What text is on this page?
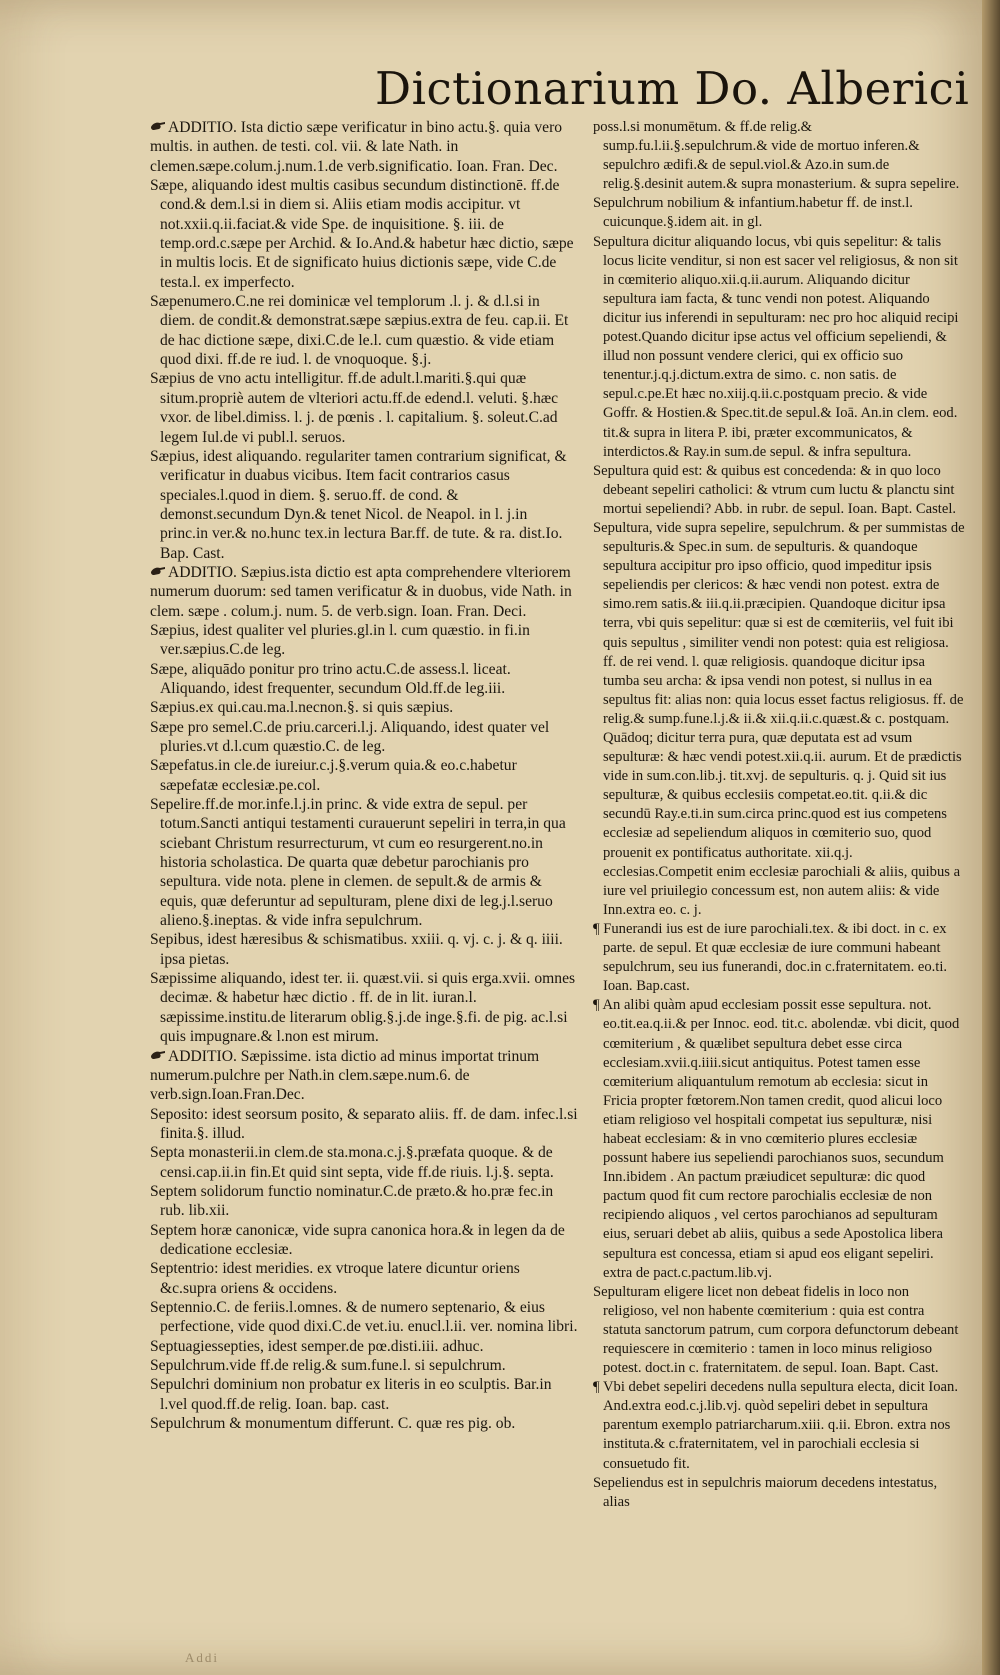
Dictionarium Do. Alberici

ADDITIO. Ista dictio sæpe verificatur in bino actu.§. quia vero multis. in authen. de testi. col. vii. & late Nath. in clemen.sæpe.colum.j.num.1.de verb.significatio. Ioan. Fran. Dec.

Sæpe, aliquando idest multis casibus secundum distinctionē. ff.de cond.& dem.l.si in diem si. Aliis etiam modis accipitur. vt not.xxii.q.ii.faciat.& vide Spe. de inquisitione. §. iii. de temp.ord.c.sæpe per Archid. & Io.And.& habetur hæc dictio, sæpe in multis locis. Et de significato huius dictionis sæpe, vide C.de testa.l. ex imperfecto.

Sæpenumero.C.ne rei dominicæ vel templorum .l. j. & d.l.si in diem. de condit.& demonstrat.sæpe sæpius.extra de feu. cap.ii. Et de hac dictione sæpe, dixi.C.de le.l. cum quæstio. & vide etiam quod dixi. ff.de re iud. l. de vnoquoque. §.j.

Sæpius de vno actu intelligitur. ff.de adult.l.mariti.§.qui quæ situm.propriè autem de vlteriori actu.ff.de edend.l. veluti. §.hæc vxor. de libel.dimiss. l. j. de pœnis . l. capitalium. §. soleut.C.ad legem Iul.de vi publ.l. seruos.

Sæpius, idest aliquando. regulariter tamen contrarium significat, & verificatur in duabus vicibus. Item facit contrarios casus speciales.l.quod in diem. §. seruo.ff. de cond. & demonst.secundum Dyn.& tenet Nicol. de Neapol. in l. j.in princ.in ver.& no.hunc tex.in lectura Bar.ff. de tute. & ra. dist.Io. Bap. Cast.

ADDITIO. Sæpius.ista dictio est apta comprehendere vlteriorem numerum duorum: sed tamen verificatur & in duobus, vide Nath. in clem. sæpe . colum.j. num. 5. de verb.sign. Ioan. Fran. Deci.

Sæpius, idest qualiter vel pluries.gl.in l. cum quæstio. in fi.in ver.sæpius.C.de leg.

Sæpe, aliquādo ponitur pro trino actu.C.de assess.l. liceat. Aliquando, idest frequenter, secundum Old.ff.de leg.iii.

Sæpius.ex qui.cau.ma.l.necnon.§. si quis sæpius.

Sæpe pro semel.C.de priu.carceri.l.j. Aliquando, idest quater vel pluries.vt d.l.cum quæstio.C. de leg.

Sæpefatus.in cle.de iureiur.c.j.§.verum quia.& eo.c.habetur sæpefatæ ecclesiæ.pe.col.

Sepelire.ff.de mor.infe.l.j.in princ. & vide extra de sepul. per totum.Sancti antiqui testamenti curauerunt sepeliri in terra,in qua sciebant Christum resurrecturum, vt cum eo resurgerent.no.in historia scholastica. De quarta quæ debetur parochianis pro sepultura. vide nota. plene in clemen. de sepult.& de armis & equis, quæ deferuntur ad sepulturam, plene dixi de leg.j.l.seruo alieno.§.ineptas. & vide infra sepulchrum.

Sepibus, idest hæresibus & schismatibus. xxiii. q. vj. c. j. & q. iiii. ipsa pietas.

Sæpissime aliquando, idest ter. ii. quæst.vii. si quis erga.xvii. omnes decimæ. & habetur hæc dictio . ff. de in lit. iuran.l. sæpissime.institu.de literarum oblig.§.j.de inge.§.fi. de pig. ac.l.si quis impugnare.& l.non est mirum.

ADDITIO. Sæpissime. ista dictio ad minus importat trinum numerum.pulchre per Nath.in clem.sæpe.num.6. de verb.sign.Ioan.Fran.Dec.

Seposito: idest seorsum posito, & separato aliis. ff. de dam. infec.l.si finita.§. illud.

Septa monasterii.in clem.de sta.mona.c.j.§.præfata quoque. & de censi.cap.ii.in fin.Et quid sint septa, vide ff.de riuis. l.j.§. septa.

Septem solidorum functio nominatur.C.de præto.& ho.præ fec.in rub. lib.xii.

Septem horæ canonicæ, vide supra canonica hora.& in legen da de dedicatione ecclesiæ.

Septentrio: idest meridies. ex vtroque latere dicuntur oriens &c.supra oriens & occidens.

Septennio.C. de feriis.l.omnes. & de numero septenario, & eius perfectione, vide quod dixi.C.de vet.iu. enucl.l.ii. ver. nomina libri.

Septuagiessepties, idest semper.de pœ.disti.iii. adhuc.

Sepulchrum.vide ff.de relig.& sum.fune.l. si sepulchrum.

Sepulchri dominium non probatur ex literis in eo sculptis. Bar.in l.vel quod.ff.de relig. Ioan. bap. cast.

Sepulchrum & monumentum differunt. C. quæ res pig. ob.

poss.l.si monumētum. & ff.de relig.& sump.fu.l.ii.§.sepulchrum.& vide de mortuo inferen.& sepulchro ædifi.& de sepul.viol.& Azo.in sum.de relig.§.desinit autem.& supra monasterium. & supra sepelire.

Sepulchrum nobilium & infantium.habetur ff. de inst.l. cuicunque.§.idem ait. in gl.

Sepultura dicitur aliquando locus, vbi quis sepelitur: & talis locus licite venditur, si non est sacer vel religiosus, & non sit in cœmiterio aliquo.xii.q.ii.aurum. Aliquando dicitur sepultura iam facta, & tunc vendi non potest. Aliquando dicitur ius inferendi in sepulturam: nec pro hoc aliquid recipi potest.Quando dicitur ipse actus vel officium sepeliendi, & illud non possunt vendere clerici, qui ex officio suo tenentur.j.q.j.dictum.extra de simo. c. non satis. de sepul.c.pe.Et hæc no.xiij.q.ii.c.postquam precio. & vide Goffr. & Hostien.& Spec.tit.de sepul.& Ioā. An.in clem. eod. tit.& supra in litera P. ibi, præter excommunicatos, & interdictos.& Ray.in sum.de sepul. & infra sepultura.

Sepultura quid est: & quibus est concedenda: & in quo loco debeant sepeliri catholici: & vtrum cum luctu & planctu sint mortui sepeliendi? Abb. in rubr. de sepul. Ioan. Bapt. Castel.

Sepultura, vide supra sepelire, sepulchrum. & per summistas de sepulturis.& Spec.in sum. de sepulturis. & quandoque sepultura accipitur pro ipso officio, quod impeditur ipsis sepeliendis per clericos: & hæc vendi non potest. extra de simo.rem satis.& iii.q.ii.præcipien. Quandoque dicitur ipsa terra, vbi quis sepelitur: quæ si est de cœmiteriis, vel fuit ibi quis sepultus , similiter vendi non potest: quia est religiosa. ff. de rei vend. l. quæ religiosis. quandoque dicitur ipsa tumba seu archa: & ipsa vendi non potest, si nullus in ea sepultus fit: alias non: quia locus esset factus religiosus. ff. de relig.& sump.fune.l.j.& ii.& xii.q.ii.c.quæst.& c. postquam. Quādoq; dicitur terra pura, quæ deputata est ad vsum sepulturæ: & hæc vendi potest.xii.q.ii. aurum. Et de prædictis vide in sum.con.lib.j. tit.xvj. de sepulturis. q. j. Quid sit ius sepulturæ, & quibus ecclesiis competat.eo.tit. q.ii.& dic secundū Ray.e.ti.in sum.circa princ.quod est ius competens ecclesiæ ad sepeliendum aliquos in cœmiterio suo, quod prouenit ex pontificatus authoritate. xii.q.j. ecclesias.Competit enim ecclesiæ parochiali & aliis, quibus a iure vel priuilegio concessum est, non autem aliis: & vide Inn.extra eo. c. j.

¶ Funerandi ius est de iure parochiali.tex. & ibi doct. in c. ex parte. de sepul. Et quæ ecclesiæ de iure communi habeant sepulchrum, seu ius funerandi, doc.in c.fraternitatem. eo.ti. Ioan. Bap.cast.

¶ An alibi quàm apud ecclesiam possit esse sepultura. not. eo.tit.ea.q.ii.& per Innoc. eod. tit.c. abolendæ. vbi dicit, quod cœmiterium , & quælibet sepultura debet esse circa ecclesiam.xvii.q.iiii.sicut antiquitus. Potest tamen esse cœmiterium aliquantulum remotum ab ecclesia: sicut in Fricia propter fœtorem.Non tamen credit, quod alicui loco etiam religioso vel hospitali competat ius sepulturæ, nisi habeat ecclesiam: & in vno cœmiterio plures ecclesiæ possunt habere ius sepeliendi parochianos suos, secundum Inn.ibidem . An pactum præiudicet sepulturæ: dic quod pactum quod fit cum rectore parochialis ecclesiæ de non recipiendo aliquos , vel certos parochianos ad sepulturam eius, seruari debet ab aliis, quibus a sede Apostolica libera sepultura est concessa, etiam si apud eos eligant sepeliri. extra de pact.c.pactum.lib.vj.

Sepulturam eligere licet non debeat fidelis in loco non religioso, vel non habente cœmiterium : quia est contra statuta sanctorum patrum, cum corpora defunctorum debeant requiescere in cœmiterio : tamen in loco minus religioso potest. doct.in c. fraternitatem. de sepul. Ioan. Bapt. Cast.

¶ Vbi debet sepeliri decedens nulla sepultura electa, dicit Ioan. And.extra eod.c.j.lib.vj. quòd sepeliri debet in sepultura parentum exemplo patriarcharum.xiii. q.ii. Ebron. extra nos instituta.& c.fraternitatem, vel in parochiali ecclesia si consuetudo fit.

Sepeliendus est in sepulchris maiorum decedens intestatus, alias

Addi
